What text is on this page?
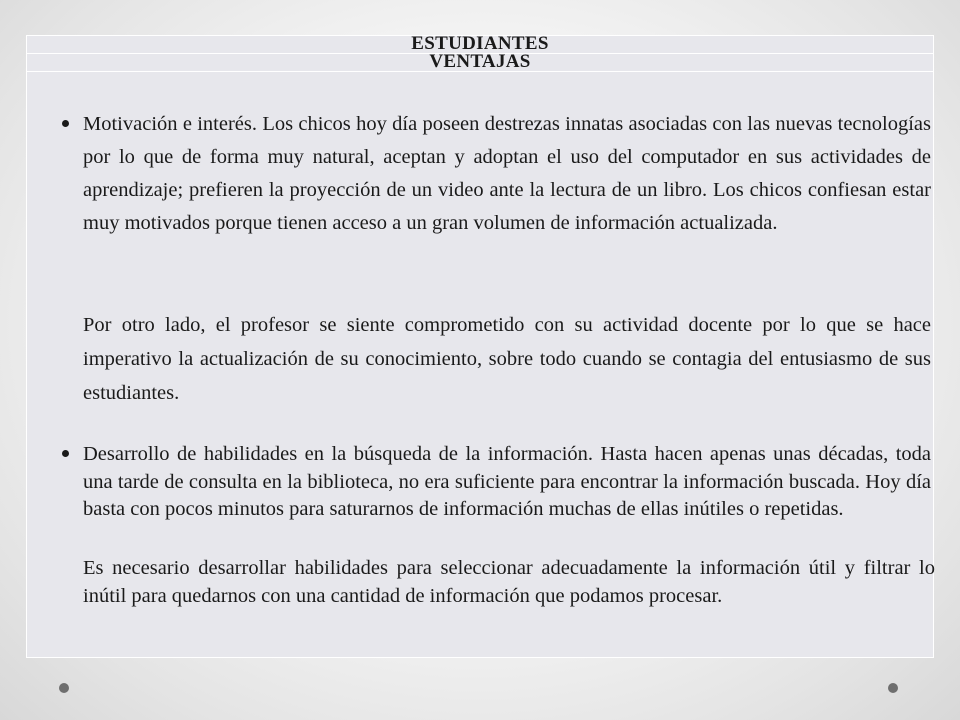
ESTUDIANTES
VENTAJAS

Motivación e interés. Los chicos hoy día poseen destrezas innatas asociadas con las nuevas tecnologías por lo que de forma muy natural, aceptan y adoptan el uso del computador en sus actividades de aprendizaje; prefieren la proyección de un video ante la lectura de un libro. Los chicos confiesan estar muy motivados porque tienen acceso a un gran volumen de información actualizada.

Por otro lado, el profesor se siente comprometido con su actividad docente por lo que se hace imperativo la actualización de su conocimiento, sobre todo cuando se contagia del entusiasmo de sus estudiantes.

Desarrollo de habilidades en la búsqueda de la información. Hasta hacen apenas unas décadas, toda una tarde de consulta en la biblioteca, no era suficiente para encontrar la información buscada. Hoy día basta con pocos minutos para saturarnos de información muchas de ellas inútiles o repetidas.

Es necesario desarrollar habilidades para seleccionar adecuadamente la información útil y filtrar lo inútil para quedarnos con una cantidad de información que podamos procesar.
